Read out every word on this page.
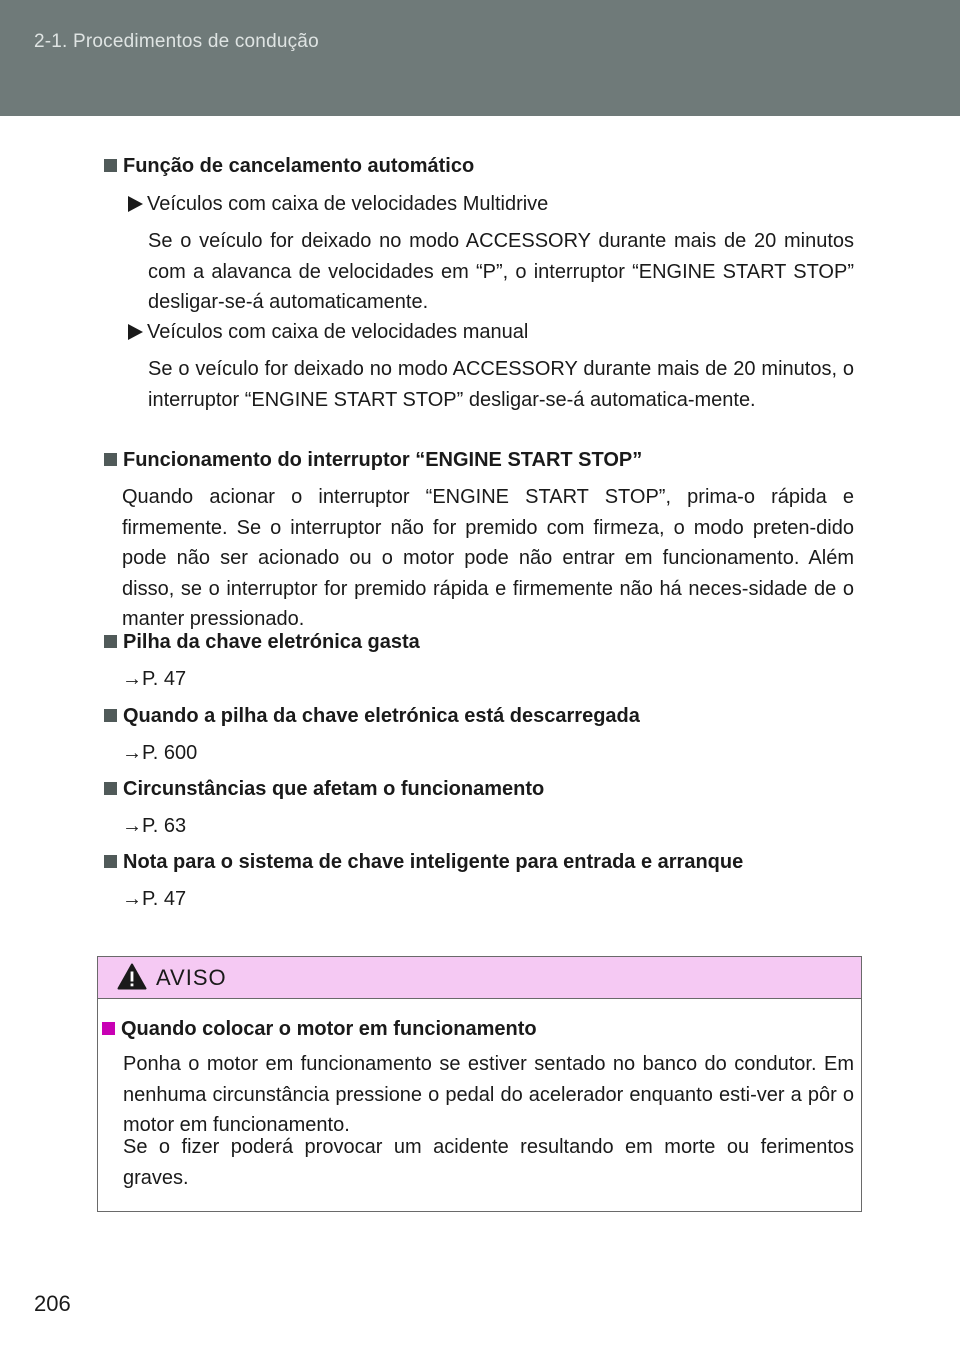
2-1. Procedimentos de condução
Função de cancelamento automático
Veículos com caixa de velocidades Multidrive
Se o veículo for deixado no modo ACCESSORY durante mais de 20 minutos com a alavanca de velocidades em “P”, o interruptor “ENGINE START STOP” desligar-se-á automaticamente.
Veículos com caixa de velocidades manual
Se o veículo for deixado no modo ACCESSORY durante mais de 20 minutos, o interruptor “ENGINE START STOP” desligar-se-á automatica-mente.
Funcionamento do interruptor “ENGINE START STOP”
Quando acionar o interruptor “ENGINE START STOP”, prima-o rápida e firmemente. Se o interruptor não for premido com firmeza, o modo preten-dido pode não ser acionado ou o motor pode não entrar em funcionamento. Além disso, se o interruptor for premido rápida e firmemente não há neces-sidade de o manter pressionado.
Pilha da chave eletrónica gasta
→P. 47
Quando a pilha da chave eletrónica está descarregada
→P. 600
Circunstâncias que afetam o funcionamento
→P. 63
Nota para o sistema de chave inteligente para entrada e arranque
→P. 47
AVISO
Quando colocar o motor em funcionamento
Ponha o motor em funcionamento se estiver sentado no banco do condutor. Em nenhuma circunstância pressione o pedal do acelerador enquanto esti-ver a pôr o motor em funcionamento.
Se o fizer poderá provocar um acidente resultando em morte ou ferimentos graves.
206
